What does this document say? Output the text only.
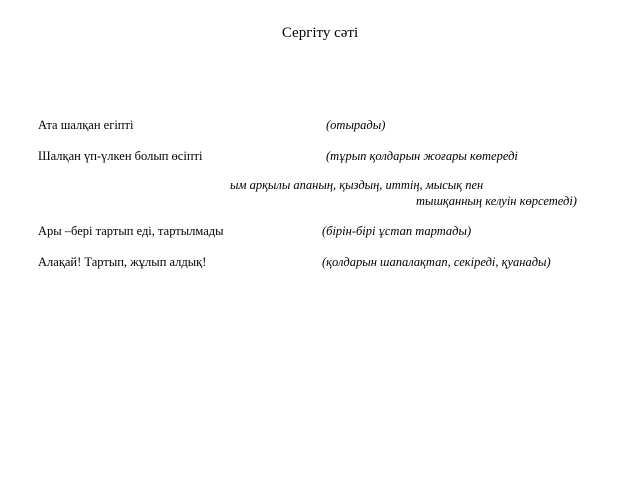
Сергіту сәті
Ата шалқан егіпті	(отырады)
Шалқан үп-үлкен болып өсіпті	(тұрып қолдарын жоғары көтереді
ым арқылы апаның, қыздың, иттің, мысық пен
тышқанның келуін көрсетеді)
Ары –бері тартып еді, тартылмады	(бірін-бірі ұстап тартады)
Алақай! Тартып, жұлып алдық!	(қолдарын шапалақтап, секіреді, қуанады)
